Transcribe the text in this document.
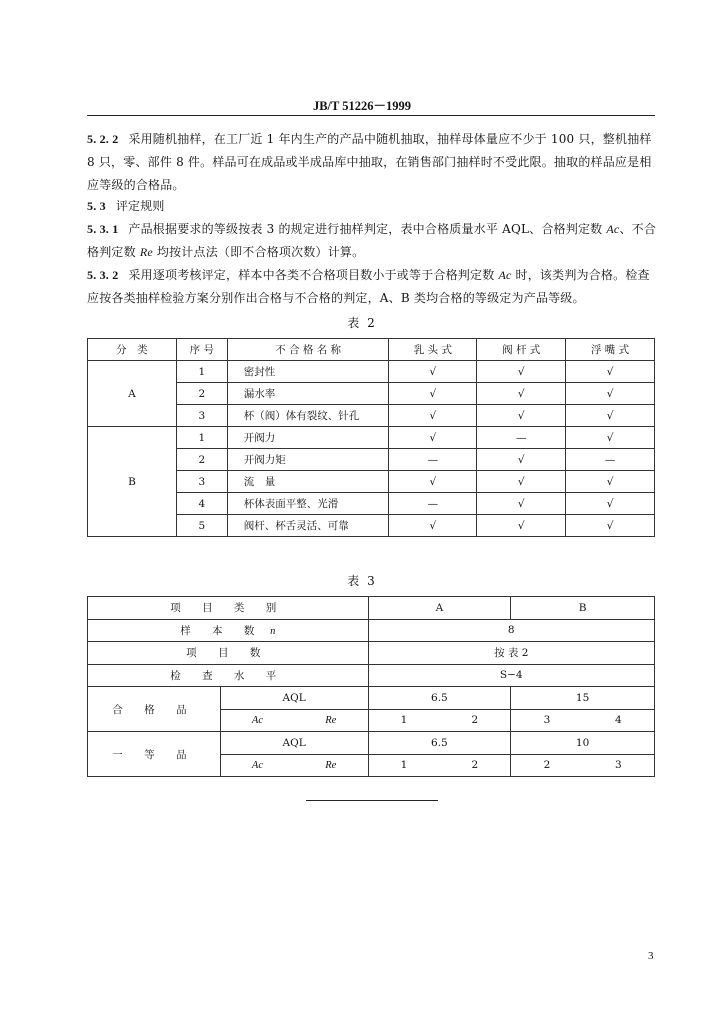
JB/T 51226－1999
5. 2. 2 采用随机抽样，在工厂近 1 年内生产的产品中随机抽取，抽样母体量应不少于 100 只，整机抽样 8 只，零、部件 8 件。样品可在成品或半成品库中抽取，在销售部门抽样时不受此限。抽取的样品应是相应等级的合格品。
5. 3 评定规则
5. 3. 1 产品根据要求的等级按表 3 的规定进行抽样判定，表中合格质量水平 AQL、合格判定数 Ac、不合格判定数 Re 均按计点法（即不合格项次数）计算。
5. 3. 2 采用逐项考核评定，样本中各类不合格项目数小于或等于合格判定数 Ac 时，该类判为合格。检查应按各类抽样检验方案分别作出合格与不合格的判定，A、B 类均合格的等级定为产品等级。
表 2
分　类	序 号	不 合 格 名 称	乳 头 式	阀 杆 式	浮 嘴 式
A	1	密封性	√	√	√
	2	漏水率	√	√	√
	3	杯（阀）体有裂纹、针孔	√	√	√
B	1	开阀力	√	—	√
	2	开阀力矩	—	√	—
	3	流　量	√	√	√
	4	杯体表面平整、光滑	—	√	√
	5	阀杆、杯舌灵活、可靠	√	√	√
表 3
项 目 类 别		A	B
样 本 数 n		8	
项 目 数		按 表 2	
检 查 水 平		S−4	
合 格 品	AQL	6.5	15

	Ac Re	1 2	3 4

一 等 品	AQL	6.5	10

	Ac Re	1 2	2 3
3
